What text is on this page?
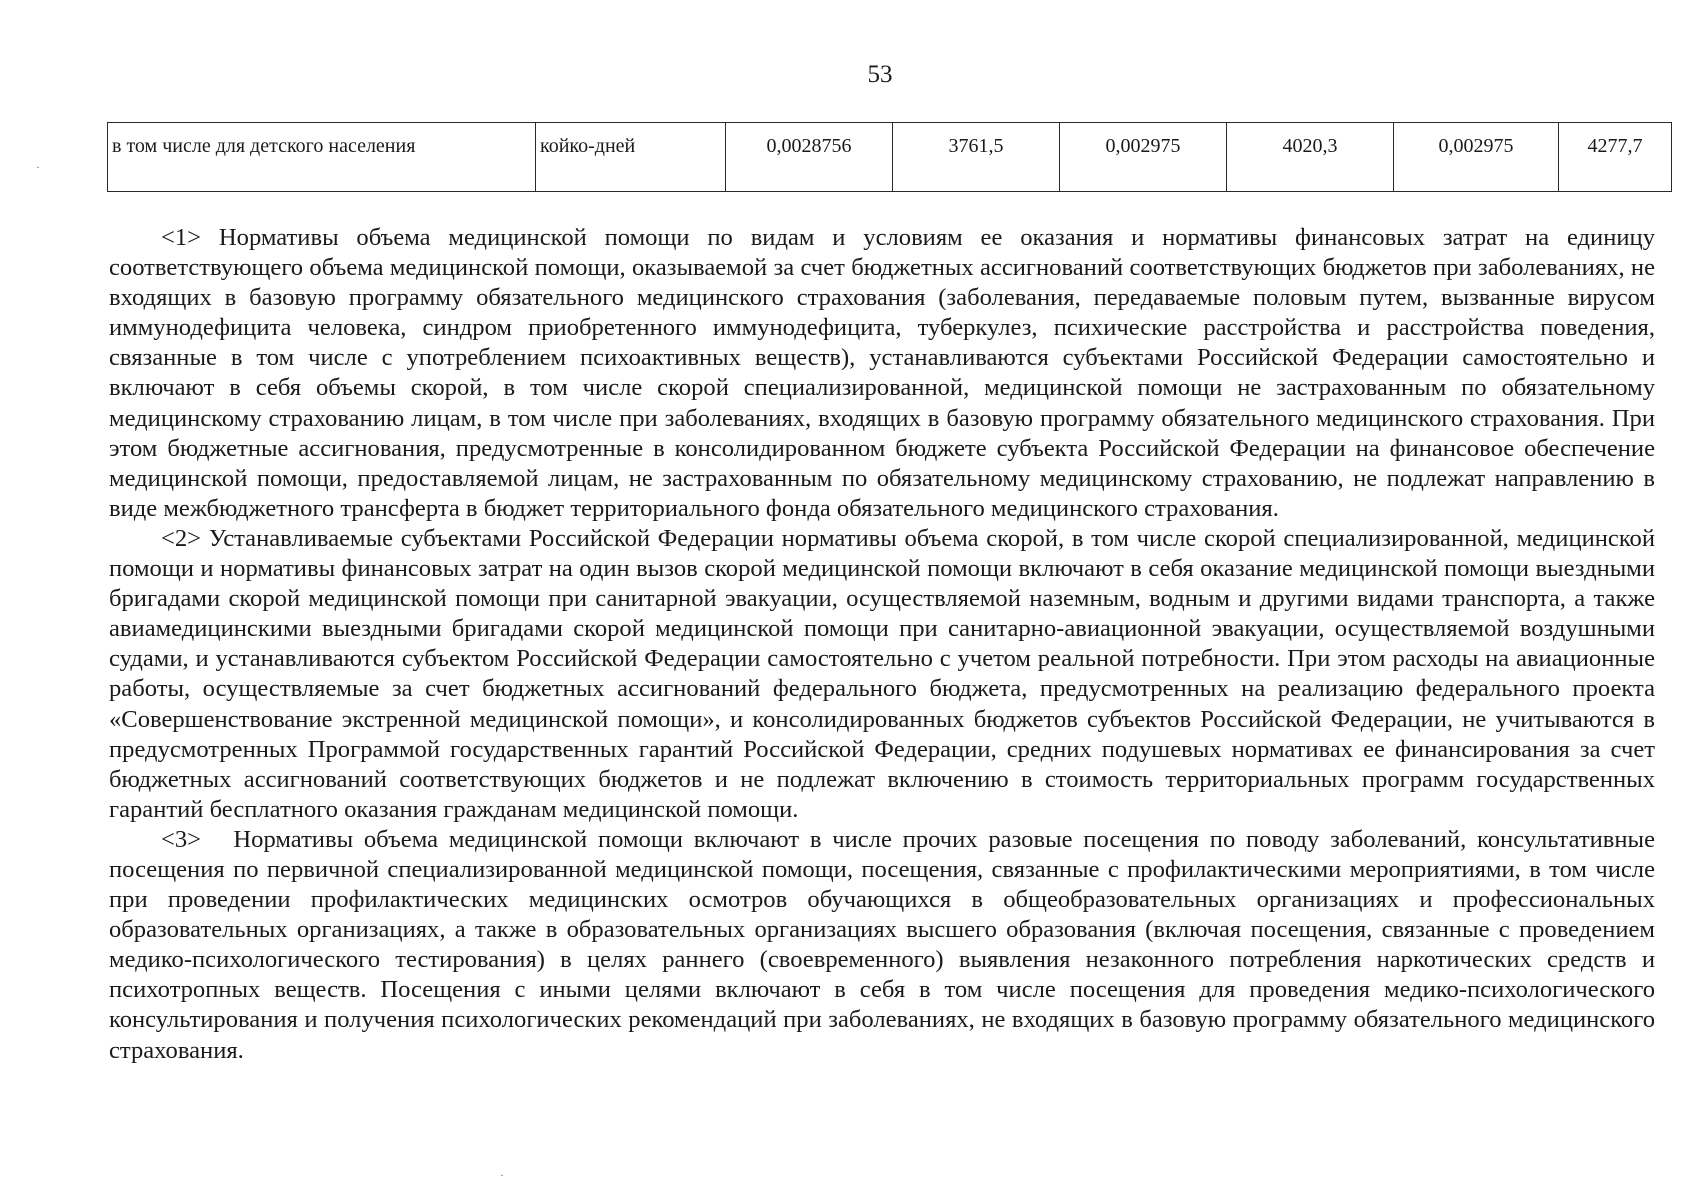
53
в том числе для детского населения	койко-дней	0,0028756	3761,5	0,002975	4020,3	0,002975	4277,7

<1> Нормативы объема медицинской помощи по видам и условиям ее оказания и нормативы финансовых затрат на единицу соответствующего объема медицинской помощи, оказываемой за счет бюджетных ассигнований соответствующих бюджетов при заболеваниях, не входящих в базовую программу обязательного медицинского страхования (заболевания, передаваемые половым путем, вызванные вирусом иммунодефицита человека, синдром приобретенного иммунодефицита, туберкулез, психические расстройства и расстройства поведения, связанные в том числе с употреблением психоактивных веществ), устанавливаются субъектами Российской Федерации самостоятельно и включают в себя объемы скорой, в том числе скорой специализированной, медицинской помощи не застрахованным по обязательному медицинскому страхованию лицам, в том числе при заболеваниях, входящих в базовую программу обязательного медицинского страхования. При этом бюджетные ассигнования, предусмотренные в консолидированном бюджете субъекта Российской Федерации на финансовое обеспечение медицинской помощи, предоставляемой лицам, не застрахованным по обязательному медицинскому страхованию, не подлежат направлению в виде межбюджетного трансферта в бюджет территориального фонда обязательного медицинского страхования.

<2> Устанавливаемые субъектами Российской Федерации нормативы объема скорой, в том числе скорой специализированной, медицинской помощи и нормативы финансовых затрат на один вызов скорой медицинской помощи включают в себя оказание медицинской помощи выездными бригадами скорой медицинской помощи при санитарной эвакуации, осуществляемой наземным, водным и другими видами транспорта, а также авиамедицинскими выездными бригадами скорой медицинской помощи при санитарно-авиационной эвакуации, осуществляемой воздушными судами, и устанавливаются субъектом Российской Федерации самостоятельно с учетом реальной потребности. При этом расходы на авиационные работы, осуществляемые за счет бюджетных ассигнований федерального бюджета, предусмотренных на реализацию федерального проекта «Совершенствование экстренной медицинской помощи», и консолидированных бюджетов субъектов Российской Федерации, не учитываются в предусмотренных Программой государственных гарантий Российской Федерации, средних подушевых нормативах ее финансирования за счет бюджетных ассигнований соответствующих бюджетов и не подлежат включению в стоимость территориальных программ государственных гарантий бесплатного оказания гражданам медицинской помощи.

<3> Нормативы объема медицинской помощи включают в числе прочих разовые посещения по поводу заболеваний, консультативные посещения по первичной специализированной медицинской помощи, посещения, связанные с профилактическими мероприятиями, в том числе при проведении профилактических медицинских осмотров обучающихся в общеобразовательных организациях и профессиональных образовательных организациях, а также в образовательных организациях высшего образования (включая посещения, связанные с проведением медико-психологического тестирования) в целях раннего (своевременного) выявления незаконного потребления наркотических средств и психотропных веществ. Посещения с иными целями включают в себя в том числе посещения для проведения медико-психологического консультирования и получения психологических рекомендаций при заболеваниях, не входящих в базовую программу обязательного медицинского страхования.

·
·
